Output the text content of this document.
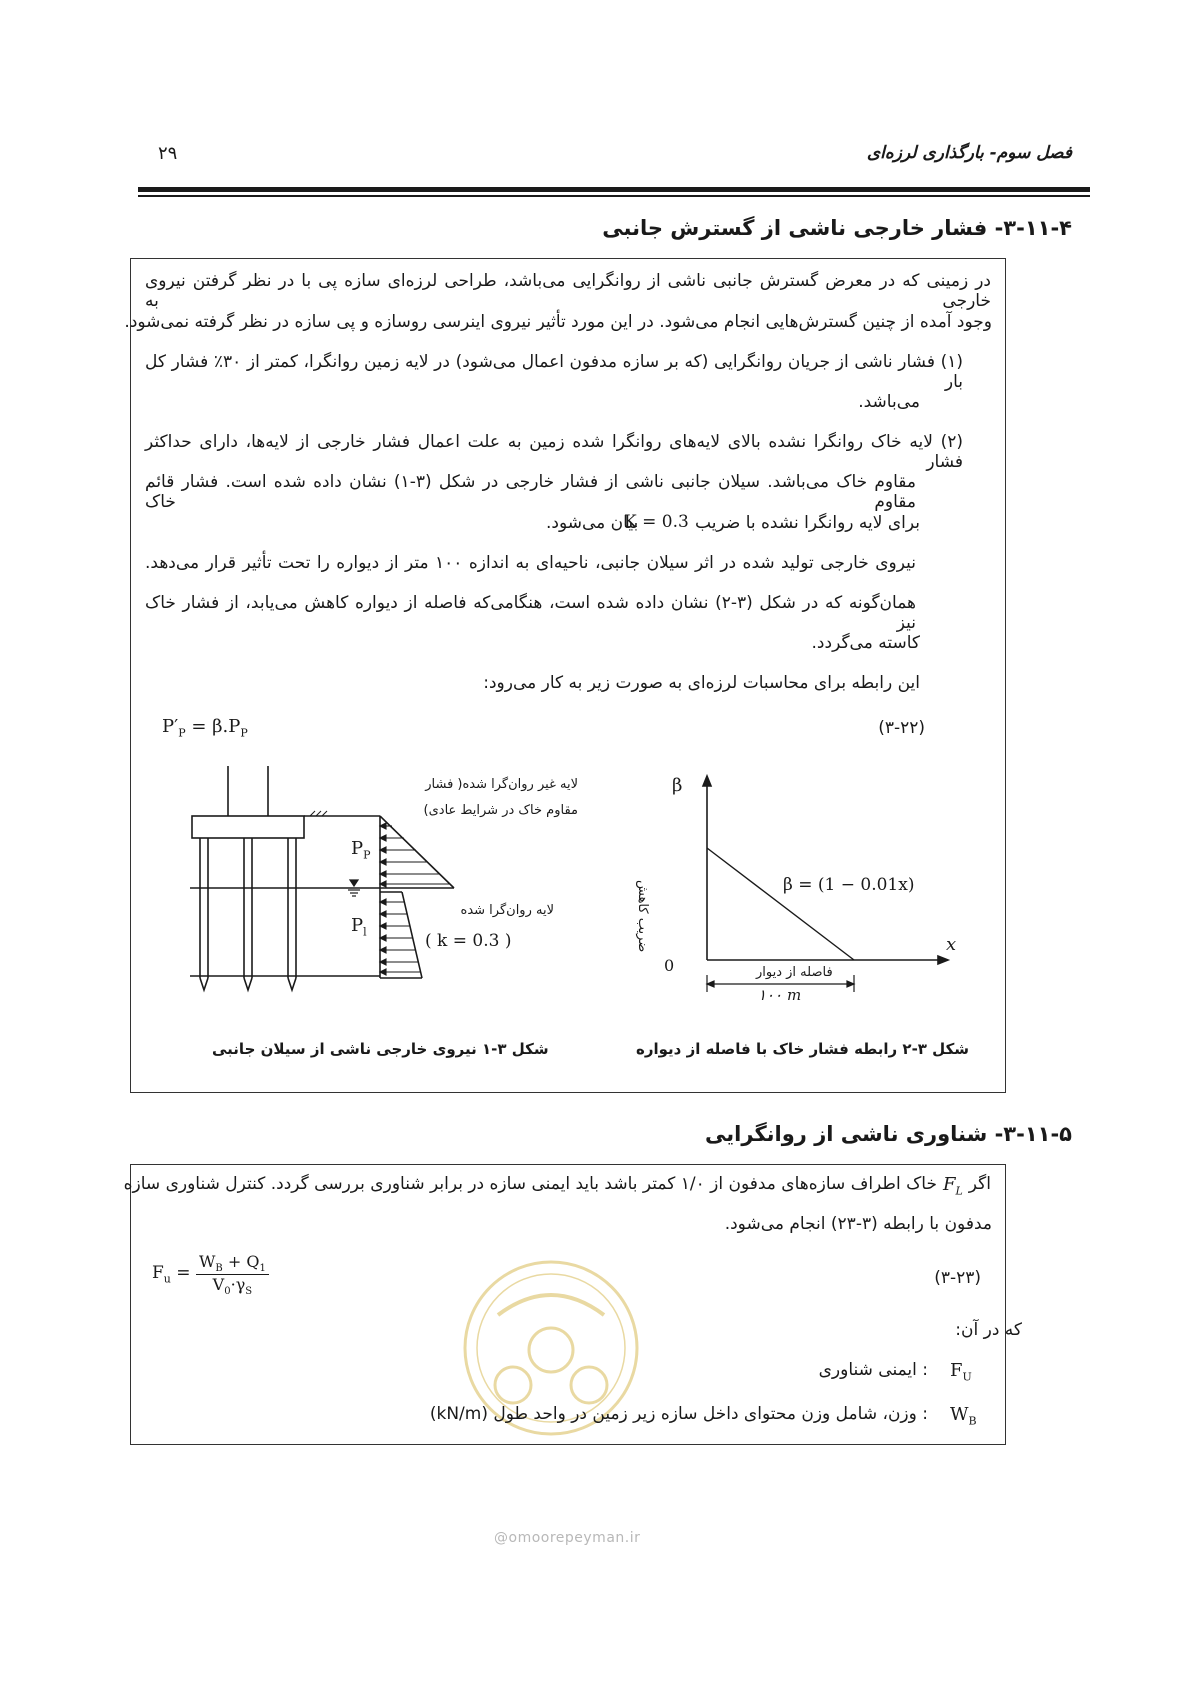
فصل سوم- بارگذاری لرزه‌ای
۲۹
۳-۱۱-۴- فشار خارجی ناشی از گسترش جانبی
در زمینی که در معرض گسترش جانبی ناشی از روانگرایی می‌باشد، طراحی لرزه‌ای سازه پی با در نظر گرفتن نیروی خارجی به
وجود آمده از چنین گسترش‌هایی انجام می‌شود. در این مورد تأثیر نیروی اینرسی روسازه و پی سازه در نظر گرفته نمی‌شود.
(۱) فشار ناشی از جریان روانگرایی (که بر سازه مدفون اعمال می‌شود) در لایه زمین روانگرا، کمتر از ۳۰٪ فشار کل بار
می‌باشد.
(۲) لایه خاک روانگرا نشده بالای لایه‌های روانگرا شده زمین به علت اعمال فشار خارجی از لایه‌ها، دارای حداکثر فشار
مقاوم خاک می‌باشد. سیلان جانبی ناشی از فشار خارجی در شکل (۳-۱) نشان داده شده است. فشار قائم مقاوم خاک
برای لایه روانگرا نشده با ضریب
K = 0.3
بیان می‌شود.
نیروی خارجی تولید شده در اثر سیلان جانبی، ناحیه‌ای به اندازه ۱۰۰ متر از دیواره را تحت تأثیر قرار می‌دهد.
همان‌گونه که در شکل (۳-۲) نشان داده شده است، هنگامی‌که فاصله از دیواره کاهش می‌یابد، از فشار خاک نیز
کاسته می‌گردد.
این رابطه برای محاسبات لرزه‌ای به صورت زیر به کار می‌رود:
$P'_P = \beta.P_P$	(۳-۲۲)
لایه غیر روان‌گرا شده( فشار
مقاوم خاک در شرایط عادی)
$P_P$
$P_l$
لایه روان‌گرا شده
( k = 0.3 )
شکل ۳-۱ نیروی خارجی ناشی از سیلان جانبی
β
x
0
ضریب کاهش	β = (1 − 0.01x)
فاصله از دیوار
۱۰۰ m
شکل ۳-۲ رابطه فشار خاک با فاصله از دیواره
۳-۱۱-۵- شناوری ناشی از روانگرایی
اگر
$F_L$
خاک اطراف سازه‌های مدفون از ۱/۰ کمتر باشد باید ایمنی سازه در برابر شناوری بررسی گردد. کنترل شناوری سازه
مدفون با رابطه (۳-۲۳) انجام می‌شود.
$F_u = \frac{W_B + Q_1}{V_0\cdot\gamma_S}$	(۳-۲۳)
که در آن:
$F_U$
: ایمنی شناوری
$W_B$
: وزن، شامل وزن محتوای داخل سازه زیر زمین در واحد طول (kN/m)
@omoorepeyman.ir
